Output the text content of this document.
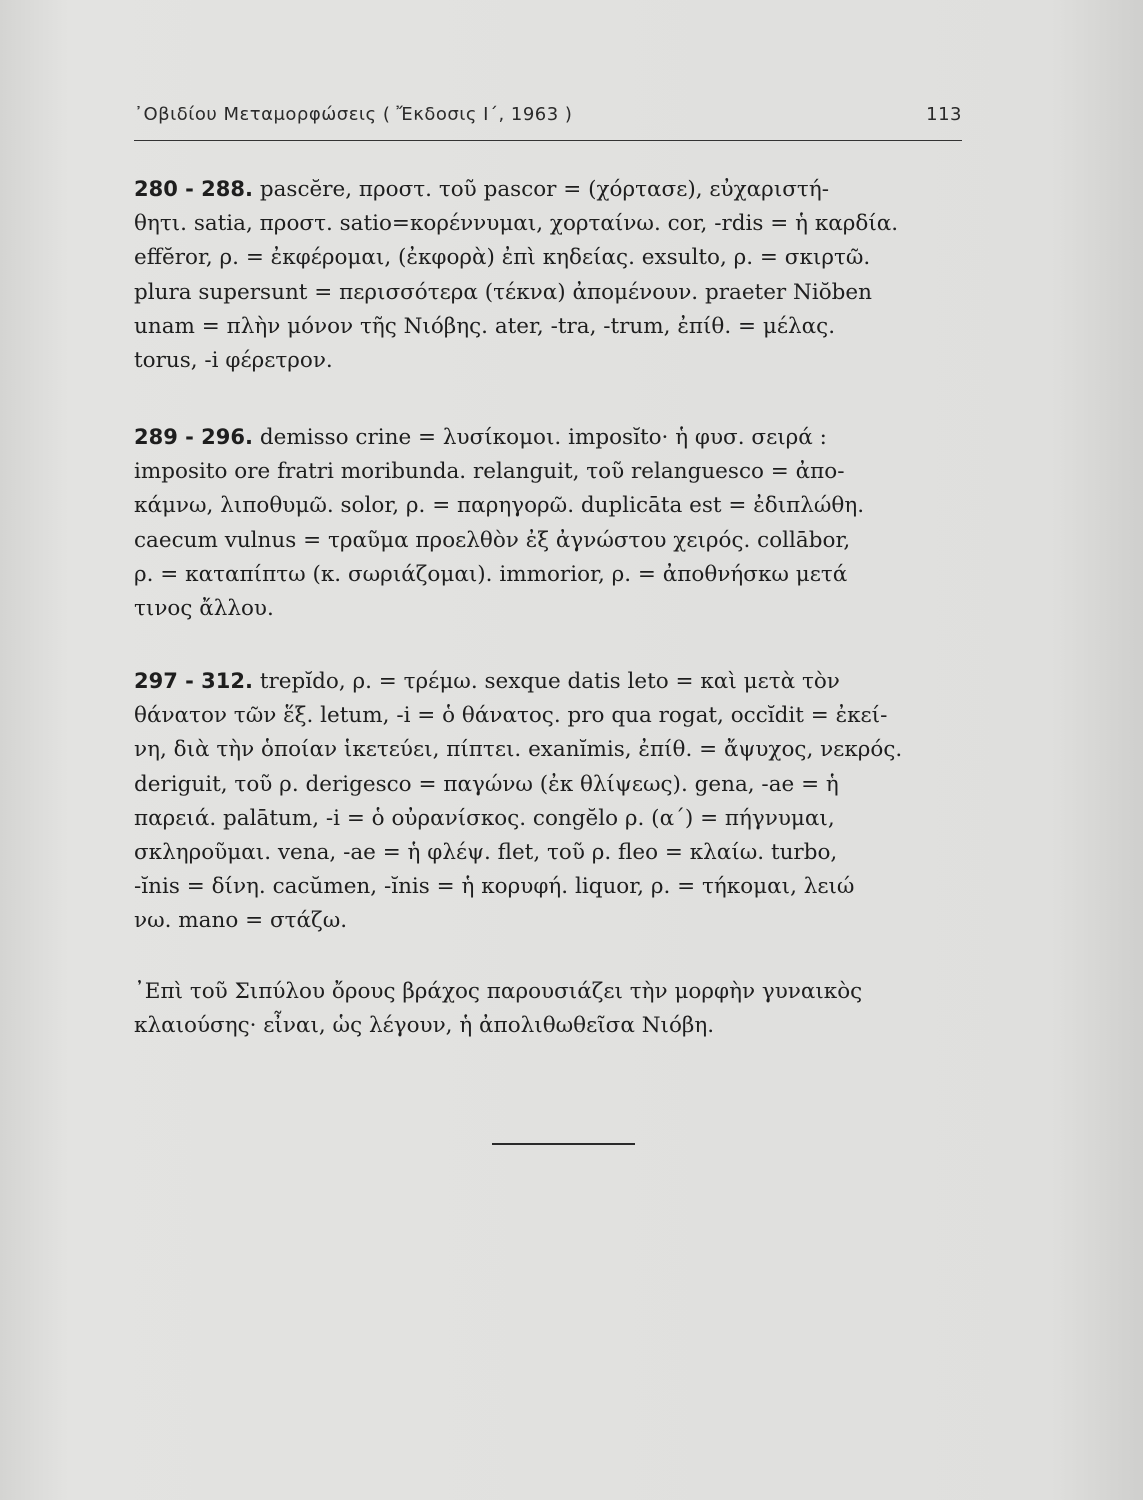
᾿Οβιδίου Μεταμορφώσεις ( Ἔκδοσις Ι΄, 1963 )	113
280 - 288. pascĕre, προστ. τοῦ pascor = (χόρτασε), εὐχαριστή-
θητι. satia, προστ. satio=κορέννυμαι, χορταίνω. cor, -rdis = ἡ καρδία.
effĕror, ρ. = ἐκφέρομαι, (ἐκφορὰ) ἐπὶ κηδείας. exsulto, ρ. = σκιρτῶ.
plura supersunt = περισσότερα (τέκνα) ἀπομένουν. praeter Niŏben
unam = πλὴν μόνον τῆς Νιόβης. ater, -tra, -trum, ἐπίθ. = μέλας.
torus, -i φέρετρον.
289 - 296. demisso crine = λυσίκομοι. imposĭto· ἡ φυσ. σειρά :
imposito ore fratri moribunda. relanguit, τοῦ relanguesco = ἀπο-
κάμνω, λιποθυμῶ. solor, ρ. = παρηγορῶ. duplicāta est = ἐδιπλώθη.
caecum vulnus = τραῦμα προελθὸν ἐξ ἀγνώστου χειρός. collābor,
ρ. = καταπίπτω (κ. σωριάζομαι). immorior, ρ. = ἀποθνήσκω μετά
τινος ἄλλου.
297 - 312. trepĭdo, ρ. = τρέμω. sexque datis leto = καὶ μετὰ τὸν
θάνατον τῶν ἕξ. letum, -i = ὁ θάνατος. pro qua rogat, occĭdit = ἐκεί-
νη, διὰ τὴν ὁποίαν ἱκετεύει, πίπτει. exanĭmis, ἐπίθ. = ἄψυχος, νεκρός.
deriguit, τοῦ ρ. derigesco = παγώνω (ἐκ θλίψεως). gena, -ae = ἡ
παρειά. palātum, -i = ὁ οὐρανίσκος. congĕlo ρ. (α΄) = πήγνυμαι,
σκληροῦμαι. vena, -ae = ἡ φλέψ. flet, τοῦ ρ. fleo = κλαίω. turbo,
-ĭnis = δίνη. cacŭmen, -ĭnis = ἡ κορυφή. liquor, ρ. = τήκομαι, λειώ
νω. mano = στάζω.
᾿Επὶ τοῦ Σιπύλου ὄρους βράχος παρουσιάζει τὴν μορφὴν γυναικὸς
κλαιούσης· εἶναι, ὡς λέγουν, ἡ ἀπολιθωθεῖσα Νιόβη.
